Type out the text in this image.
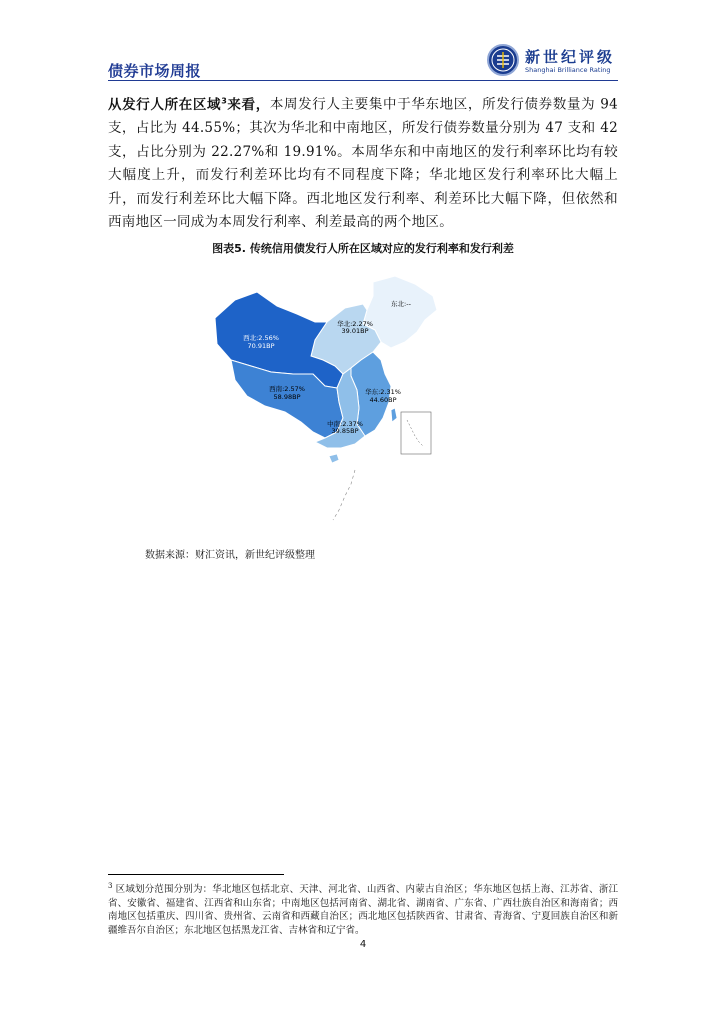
债券市场周报
新世纪评级
Shanghai Brilliance Rating
从发行人所在区域$^3$来看，本周发行人主要集中于华东地区，所发行债券数量为 94 支，占比为 44.55%；其次为华北和中南地区，所发行债券数量分别为 47 支和 42 支，占比分别为 22.27%和 19.91%。本周华东和中南地区的发行利率环比均有较大幅度上升，而发行利差环比均有不同程度下降；华北地区发行利率环比大幅上升，而发行利差环比大幅下降。西北地区发行利率、利差环比大幅下降，但依然和西南地区一同成为本周发行利率、利差最高的两个地区。
图表5. 传统信用债发行人所在区域对应的发行利率和发行利差
东北:--
华北:2.27%
39.01BP
西北:2.56%
70.91BP
西南:2.57%
58.98BP
华东:2.31%
44.60BP
中南:2.37%
39.85BP
数据来源：财汇资讯，新世纪评级整理
$^3$ 区域划分范围分别为：华北地区包括北京、天津、河北省、山西省、内蒙古自治区；华东地区包括上海、江苏省、浙江省、安徽省、福建省、江西省和山东省；中南地区包括河南省、湖北省、湖南省、广东省、广西壮族自治区和海南省；西南地区包括重庆、四川省、贵州省、云南省和西藏自治区；西北地区包括陕西省、甘肃省、青海省、宁夏回族自治区和新疆维吾尔自治区；东北地区包括黑龙江省、吉林省和辽宁省。
4
